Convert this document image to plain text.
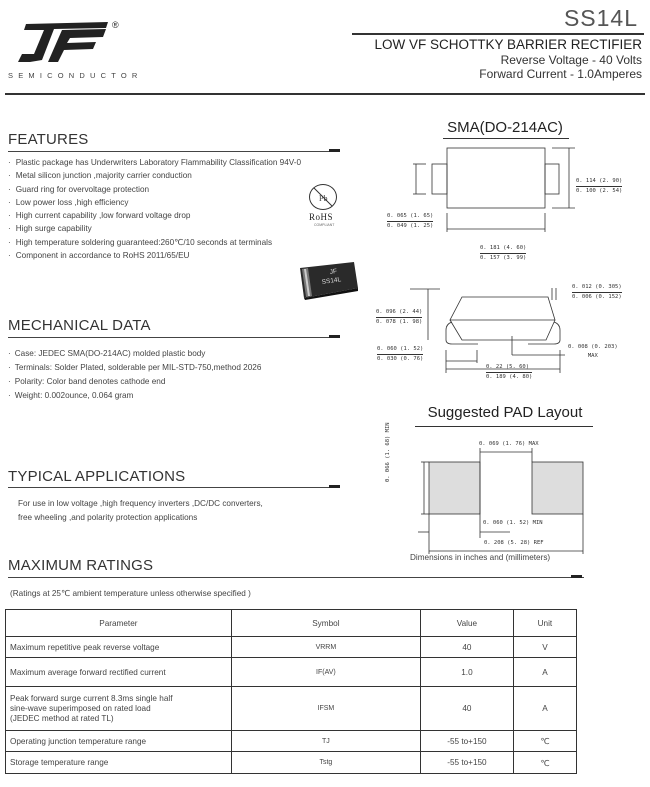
®
SEMICONDUCTOR
SS14L
LOW VF SCHOTTKY BARRIER RECTIFIER
Reverse Voltage - 40 Volts
Forward Current - 1.0Amperes
FEATURES
· Plastic package has Underwriters Laboratory Flammability Classification 94V-0
· Metal silicon junction ,majority carrier conduction
· Guard ring for overvoltage protection
· Low power loss ,high efficiency
· High current capability ,low forward voltage drop
· High surge capability
· High temperature soldering guaranteed:260℃/10 seconds at terminals
· Component in accordance to RoHS 2011/65/EU
Pb
RoHS
COMPLIANT
JF
SS14L
MECHANICAL DATA
· Case: JEDEC SMA(DO-214AC) molded plastic body
· Terminals: Solder Plated, solderable per MIL-STD-750,method 2026
· Polarity: Color band denotes cathode end
· Weight: 0.002ounce, 0.064 gram
TYPICAL APPLICATIONS
For use in low voltage ,high frequency inverters ,DC/DC converters,
free wheeling ,and polarity protection applications
MAXIMUM RATINGS
(Ratings at 25℃ ambient temperature unless otherwise specified )
SMA(DO-214AC)
0. 065 (1. 65)
0. 049 (1. 25)
0. 114 (2. 90)
0. 100 (2. 54)
0. 181 (4. 60)
0. 157 (3. 99)
0. 096 (2. 44)
0. 078 (1. 98)
0. 060 (1. 52)
0. 030 (0. 76)
0. 012 (0. 305)
0. 006 (0. 152)
0. 008 (0. 203)
MAX
0. 22 (5. 60)
0. 189 (4. 80)
Suggested PAD Layout
0. 069 (1. 76) MAX
0. 066 (1. 68) MIN
0. 060 (1. 52) MIN
0. 208 (5. 28) REF
Dimensions in inches and (millimeters)
Parameter	Symbol	Value	Unit
Maximum repetitive peak reverse voltage	VRRM	40	V
Maximum average forward rectified current	IF(AV)	1.0	A

Peak forward surge current 8.3ms single half
sine-wave superimposed on rated load
(JEDEC method at rated TL)	IFSM	40	A
Operating junction temperature range	TJ	-55 to+150	℃
Storage temperature range	Tstg	-55 to+150	℃
